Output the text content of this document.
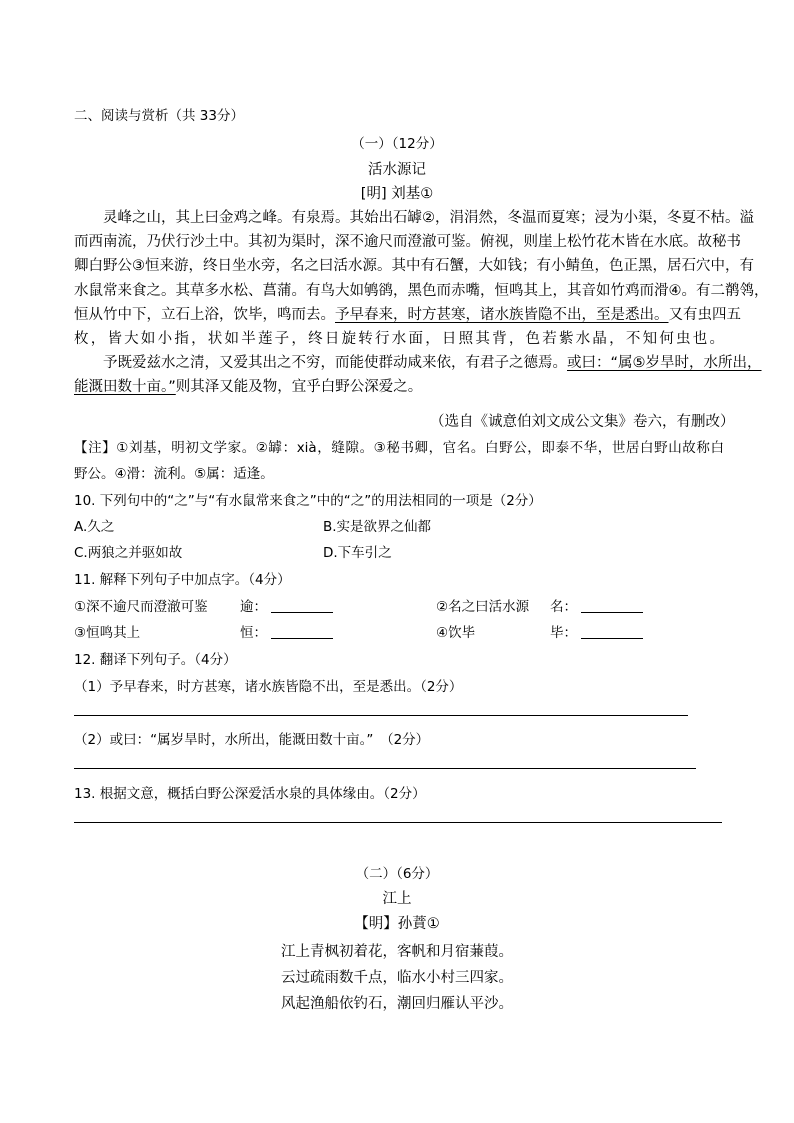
二、阅读与赏析（共 33分）
（一）（12分）
活水源记
[明] 刘基①
　　灵峰之山，其上曰金鸡之峰。有泉焉。其始出石罅②，涓涓然，冬温而夏寒；浸为小渠，冬夏不枯。溢
而西南流，乃伏行沙土中。其初为渠时，深不逾尺而澄澈可鉴。俯视，则崖上松竹花木皆在水底。故秘书
卿白野公③恒来游，终日坐水旁，名之曰活水源。其中有石蟹，大如钱；有小鲭鱼，色正黑，居石穴中，有
水鼠常来食之。其草多水松、菖蒲。有鸟大如鸲鹆，黑色而赤嘴，恒鸣其上，其音如竹鸡而滑④。有二鹡鸰，
恒从竹中下，立石上浴，饮毕，鸣而去。予早春来，时方甚寒，诸水族皆隐不出，至是悉出。又有虫四五
枚，皆大如小指，状如半莲子，终日旋转行水面，日照其背，色若紫水晶，不知何虫也。
　　予既爱兹水之清，又爱其出之不穷，而能使群动咸来依，有君子之德焉。或曰：“属⑤岁旱时，水所出，
能溉田数十亩。”则其泽又能及物，宜乎白野公深爱之。
（选自《诚意伯刘文成公文集》卷六，有删改）
【注】①刘基，明初文学家。②罅：xià，缝隙。③秘书卿，官名。白野公，即泰不华，世居白野山故称白
野公。④滑：流利。⑤属：适逢。
10. 下列句中的“之”与“有水鼠常来食之”中的“之”的用法相同的一项是（2分）
A.久之	B.实是欲界之仙都
C.两狼之并驱如故	D.下车引之
11. 解释下列句子中加点字。（4分）
①深不逾尺而澄澈可鉴 逾：	②名之曰活水源 名：
③恒鸣其上	恒：	④饮毕	毕：
12. 翻译下列句子。（4分）
（1）予早春来，时方甚寒，诸水族皆隐不出，至是悉出。（2分）
（2）或曰：“属岁旱时，水所出，能溉田数十亩。”　（2分）
13. 根据文意，概括白野公深爱活水泉的具体缘由。（2分）
（二）（6分）
江上
【明】孙蕡①
江上青枫初着花，客帆和月宿蒹葭。
云过疏雨数千点，临水小村三四家。
风起渔船依钓石，潮回归雁认平沙。
